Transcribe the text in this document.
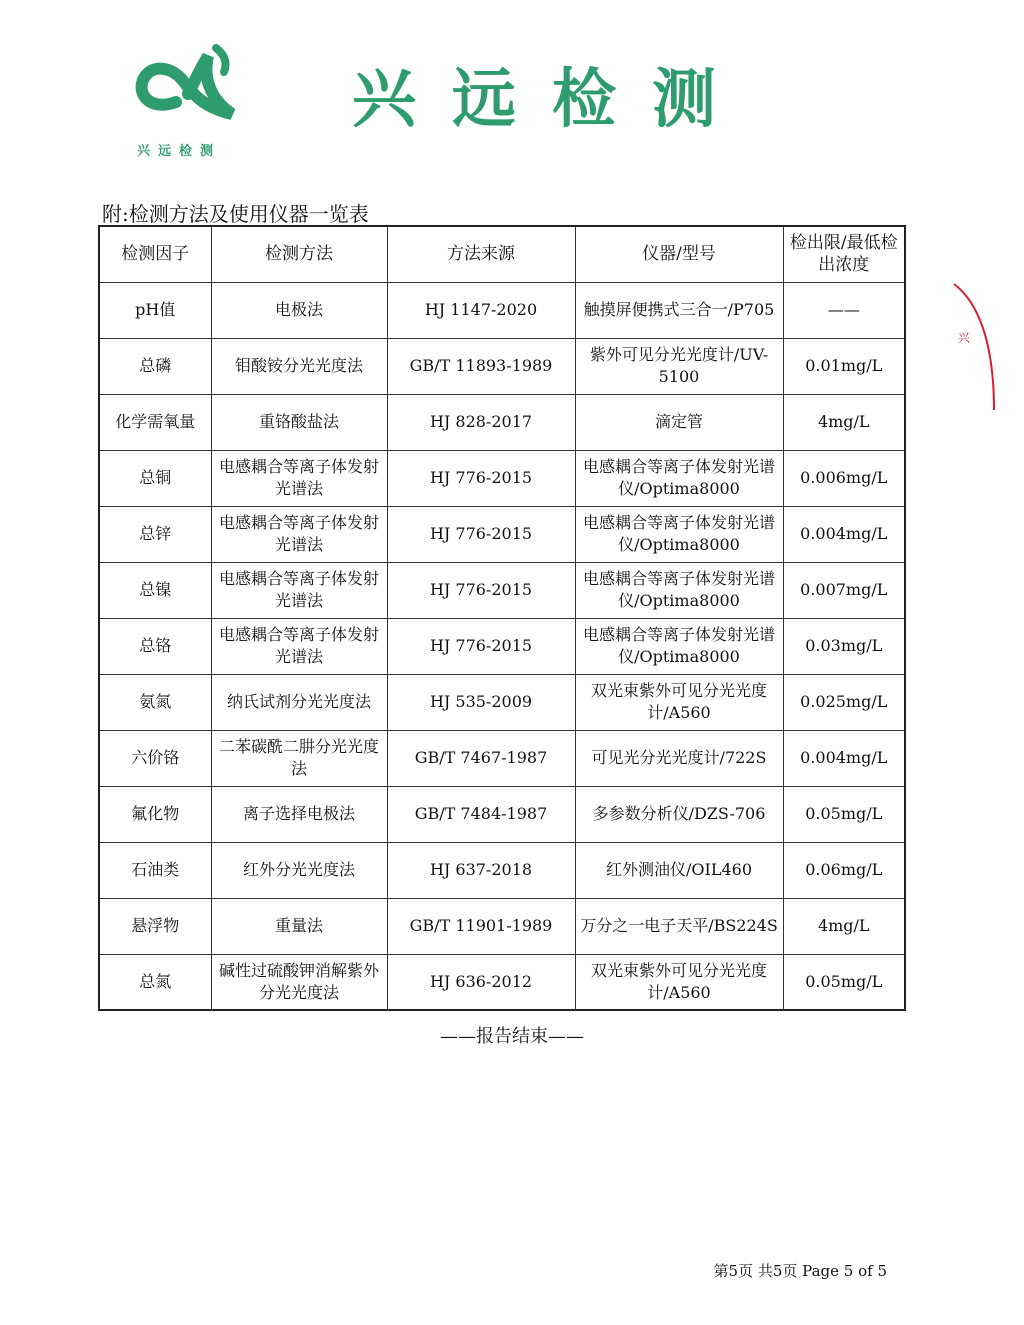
兴远检测
兴远检测
兴
附:检测方法及使用仪器一览表
检测因子	检测方法	方法来源	仪器/型号	检出限/最低检出浓度
pH值	电极法	HJ 1147-2020	触摸屏便携式三合一/P705	——
总磷	钼酸铵分光光度法	GB/T 11893-1989	紫外可见分光光度计/UV-5100	0.01mg/L
化学需氧量	重铬酸盐法	HJ 828-2017	滴定管	4mg/L
总铜	电感耦合等离子体发射光谱法	HJ 776-2015	电感耦合等离子体发射光谱仪/Optima8000	0.006mg/L
总锌	电感耦合等离子体发射光谱法	HJ 776-2015	电感耦合等离子体发射光谱仪/Optima8000	0.004mg/L
总镍	电感耦合等离子体发射光谱法	HJ 776-2015	电感耦合等离子体发射光谱仪/Optima8000	0.007mg/L
总铬	电感耦合等离子体发射光谱法	HJ 776-2015	电感耦合等离子体发射光谱仪/Optima8000	0.03mg/L
氨氮	纳氏试剂分光光度法	HJ 535-2009	双光束紫外可见分光光度计/A560	0.025mg/L
六价铬	二苯碳酰二肼分光光度法	GB/T 7467-1987	可见光分光光度计/722S	0.004mg/L
氟化物	离子选择电极法	GB/T 7484-1987	多参数分析仪/DZS-706	0.05mg/L
石油类	红外分光光度法	HJ 637-2018	红外测油仪/OIL460	0.06mg/L
悬浮物	重量法	GB/T 11901-1989	万分之一电子天平/BS224S	4mg/L
总氮	碱性过硫酸钾消解紫外分光光度法	HJ 636-2012	双光束紫外可见分光光度计/A560	0.05mg/L
——报告结束——
第5页 共5页 Page 5 of 5
